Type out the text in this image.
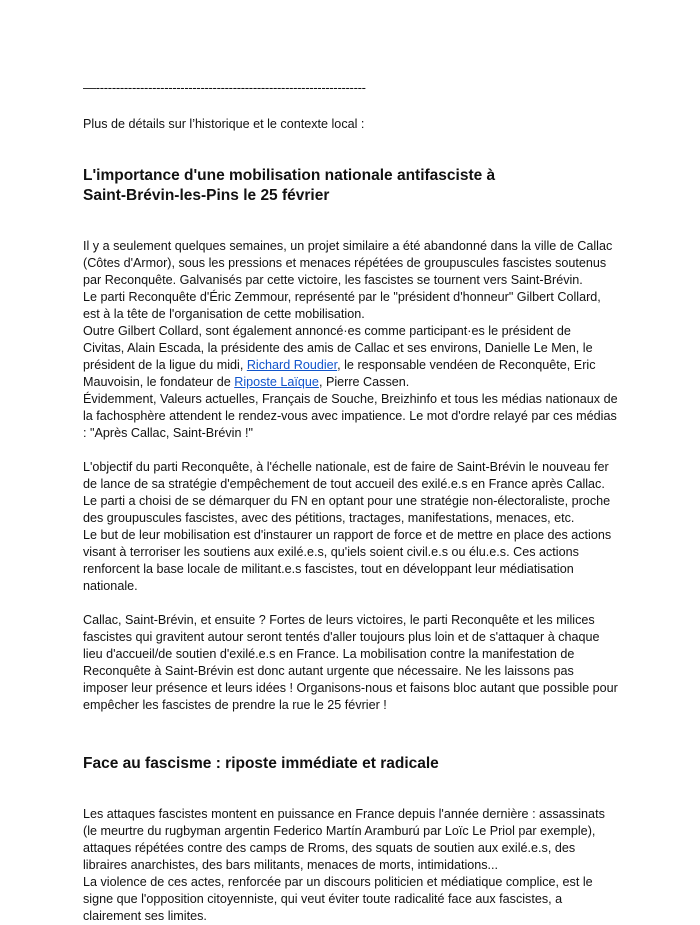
—-------------------------------------------------------------------

Plus de détails sur l’historique et le contexte local :

L'importance d'une mobilisation nationale antifasciste à
Saint-Brévin-les-Pins le 25 février

Il y a seulement quelques semaines, un projet similaire a été abandonné dans la ville de Callac
(Côtes d'Armor), sous les pressions et menaces répétées de groupuscules fascistes soutenus
par Reconquête. Galvanisés par cette victoire, les fascistes se tournent vers Saint-Brévin.
Le parti Reconquête d'Éric Zemmour, représenté par le "président d'honneur" Gilbert Collard,
est à la tête de l'organisation de cette mobilisation.
Outre Gilbert Collard, sont également annoncé·es comme participant·es le président de
Civitas, Alain Escada, la présidente des amis de Callac et ses environs, Danielle Le Men, le
président de la ligue du midi, Richard Roudier, le responsable vendéen de Reconquête, Eric
Mauvoisin, le fondateur de Riposte Laïque, Pierre Cassen.
Évidemment, Valeurs actuelles, Français de Souche, Breizhinfo et tous les médias nationaux de
la fachosphère attendent le rendez-vous avec impatience. Le mot d'ordre relayé par ces médias
: "Après Callac, Saint-Brévin !"

L'objectif du parti Reconquête, à l'échelle nationale, est de faire de Saint-Brévin le nouveau fer
de lance de sa stratégie d'empêchement de tout accueil des exilé.e.s en France après Callac.
Le parti a choisi de se démarquer du FN en optant pour une stratégie non-électoraliste, proche
des groupuscules fascistes, avec des pétitions, tractages, manifestations, menaces, etc.
Le but de leur mobilisation est d'instaurer un rapport de force et de mettre en place des actions
visant à terroriser les soutiens aux exilé.e.s, qu'iels soient civil.e.s ou élu.e.s. Ces actions
renforcent la base locale de militant.e.s fascistes, tout en développant leur médiatisation
nationale.

Callac, Saint-Brévin, et ensuite ? Fortes de leurs victoires, le parti Reconquête et les milices
fascistes qui gravitent autour seront tentés d'aller toujours plus loin et de s'attaquer à chaque
lieu d'accueil/de soutien d'exilé.e.s en France. La mobilisation contre la manifestation de
Reconquête à Saint-Brévin est donc autant urgente que nécessaire. Ne les laissons pas
imposer leur présence et leurs idées ! Organisons-nous et faisons bloc autant que possible pour
empêcher les fascistes de prendre la rue le 25 février !

Face au fascisme : riposte immédiate et radicale

Les attaques fascistes montent en puissance en France depuis l'année dernière : assassinats
(le meurtre du rugbyman argentin Federico Martín Aramburú par Loïc Le Priol par exemple),
attaques répétées contre des camps de Rroms, des squats de soutien aux exilé.e.s, des
libraires anarchistes, des bars militants, menaces de morts, intimidations...
La violence de ces actes, renforcée par un discours politicien et médiatique complice, est le
signe que l'opposition citoyenniste, qui veut éviter toute radicalité face aux fascistes, a
clairement ses limites.
